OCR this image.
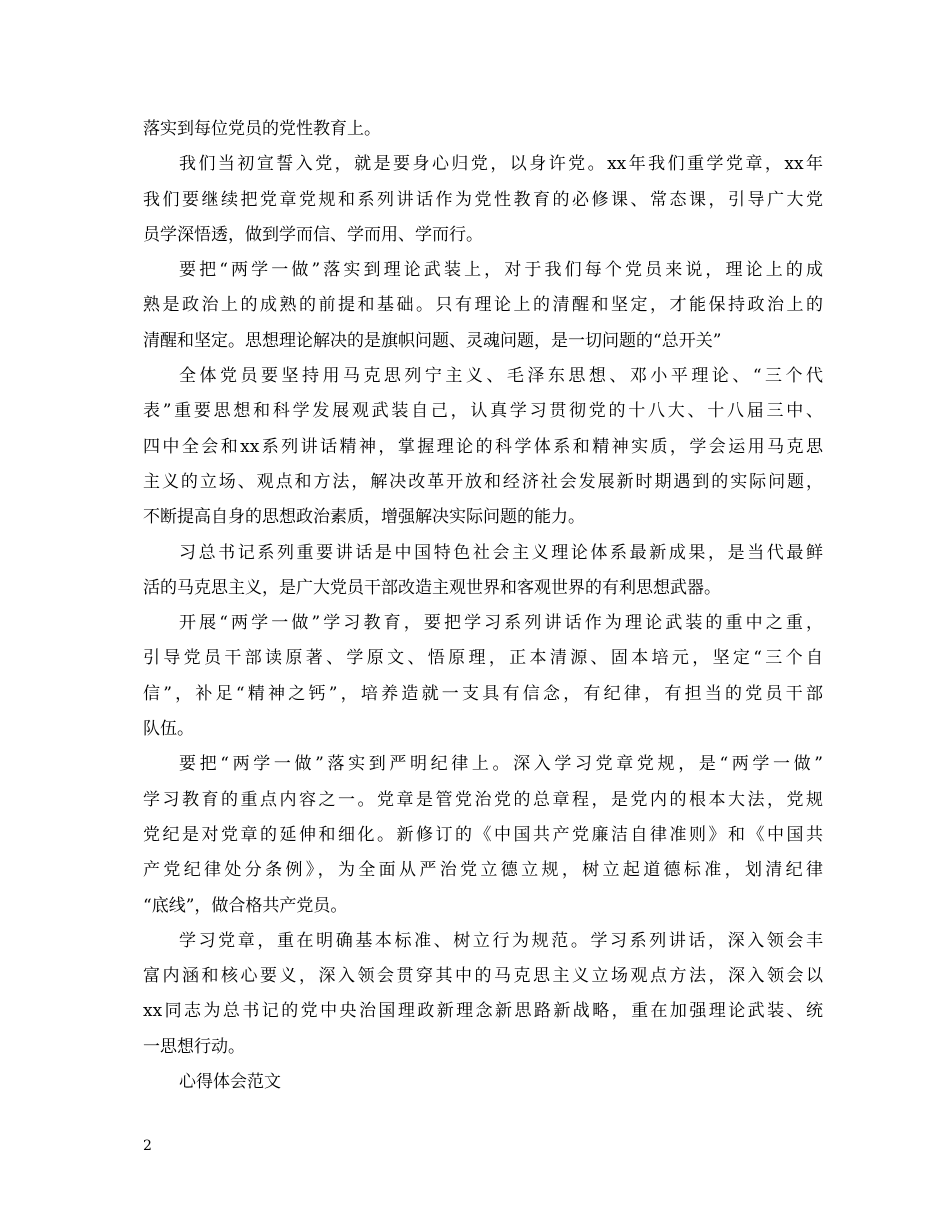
落实到每位党员的党性教育上。
我们当初宣誓入党，就是要身心归党，以身许党。xx年我们重学党章，xx年
我们要继续把党章党规和系列讲话作为党性教育的必修课、常态课，引导广大党
员学深悟透，做到学而信、学而用、学而行。
要把“两学一做”落实到理论武装上，对于我们每个党员来说，理论上的成
熟是政治上的成熟的前提和基础。只有理论上的清醒和坚定，才能保持政治上的
清醒和坚定。思想理论解决的是旗帜问题、灵魂问题，是一切问题的“总开关”
全体党员要坚持用马克思列宁主义、毛泽东思想、邓小平理论、“三个代
表”重要思想和科学发展观武装自己，认真学习贯彻党的十八大、十八届三中、
四中全会和xx系列讲话精神，掌握理论的科学体系和精神实质，学会运用马克思
主义的立场、观点和方法，解决改革开放和经济社会发展新时期遇到的实际问题，
不断提高自身的思想政治素质，增强解决实际问题的能力。
习总书记系列重要讲话是中国特色社会主义理论体系最新成果，是当代最鲜
活的马克思主义，是广大党员干部改造主观世界和客观世界的有利思想武器。
开展“两学一做”学习教育，要把学习系列讲话作为理论武装的重中之重，
引导党员干部读原著、学原文、悟原理，正本清源、固本培元，坚定“三个自
信”，补足“精神之钙”，培养造就一支具有信念，有纪律，有担当的党员干部
队伍。
要把“两学一做”落实到严明纪律上。深入学习党章党规，是“两学一做”
学习教育的重点内容之一。党章是管党治党的总章程，是党内的根本大法，党规
党纪是对党章的延伸和细化。新修订的《中国共产党廉洁自律准则》和《中国共
产党纪律处分条例》，为全面从严治党立德立规，树立起道德标准，划清纪律
“底线”，做合格共产党员。
学习党章，重在明确基本标准、树立行为规范。学习系列讲话，深入领会丰
富内涵和核心要义，深入领会贯穿其中的马克思主义立场观点方法，深入领会以
xx同志为总书记的党中央治国理政新理念新思路新战略，重在加强理论武装、统
一思想行动。
心得体会范文
2
